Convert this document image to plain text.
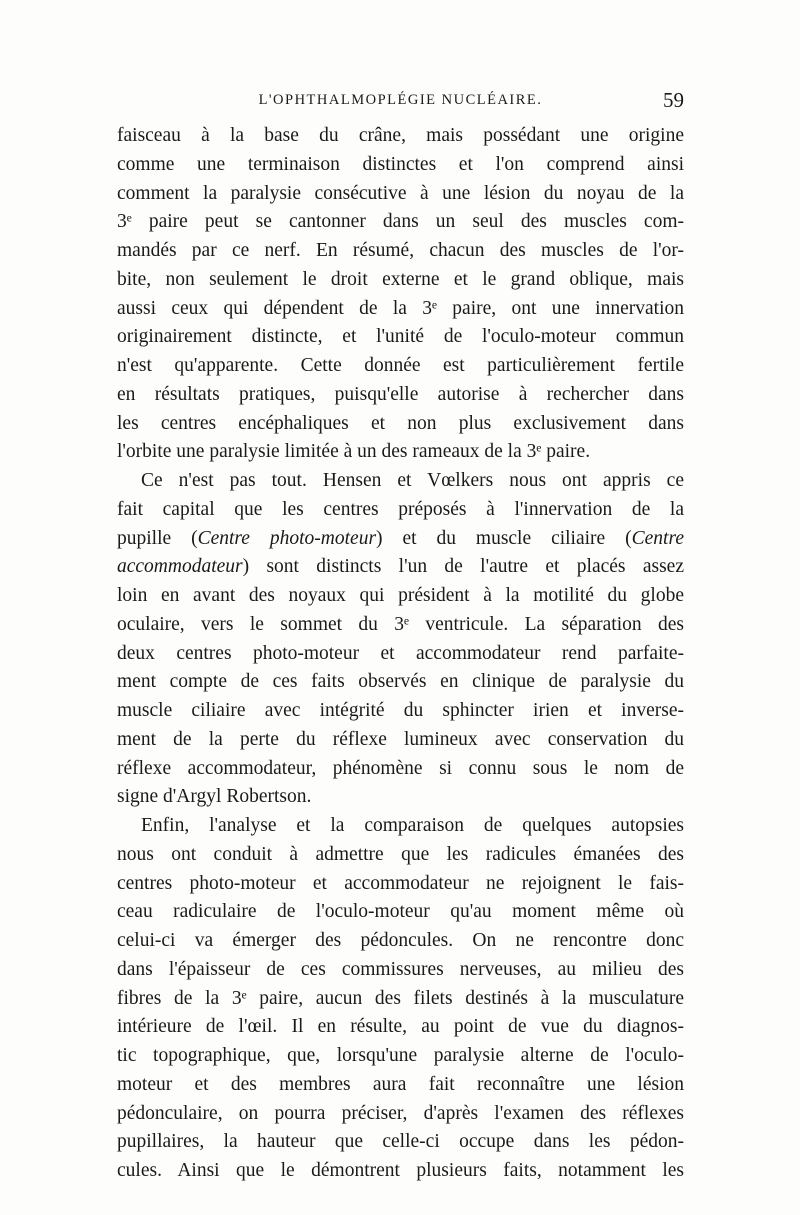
L'OPHTHALMOPLÉGIE NUCLÉAIRE.	59
faisceau à la base du crâne, mais possédant une origine
comme une terminaison distinctes et l'on comprend ainsi
comment la paralysie consécutive à une lésion du noyau de la
3ᵉ paire peut se cantonner dans un seul des muscles com-
mandés par ce nerf. En résumé, chacun des muscles de l'or-
bite, non seulement le droit externe et le grand oblique, mais
aussi ceux qui dépendent de la 3ᵉ paire, ont une innervation
originairement distincte, et l'unité de l'oculo-moteur commun
n'est qu'apparente. Cette donnée est particulièrement fertile
en résultats pratiques, puisqu'elle autorise à rechercher dans
les centres encéphaliques et non plus exclusivement dans
l'orbite une paralysie limitée à un des rameaux de la 3ᵉ paire.
Ce n'est pas tout. Hensen et Vœlkers nous ont appris ce
fait capital que les centres préposés à l'innervation de la
pupille (Centre photo-moteur) et du muscle ciliaire (Centre
accommodateur) sont distincts l'un de l'autre et placés assez
loin en avant des noyaux qui président à la motilité du globe
oculaire, vers le sommet du 3ᵉ ventricule. La séparation des
deux centres photo-moteur et accommodateur rend parfaite-
ment compte de ces faits observés en clinique de paralysie du
muscle ciliaire avec intégrité du sphincter irien et inverse-
ment de la perte du réflexe lumineux avec conservation du
réflexe accommodateur, phénomène si connu sous le nom de
signe d'Argyl Robertson.
Enfin, l'analyse et la comparaison de quelques autopsies
nous ont conduit à admettre que les radicules émanées des
centres photo-moteur et accommodateur ne rejoignent le fais-
ceau radiculaire de l'oculo-moteur qu'au moment même où
celui-ci va émerger des pédoncules. On ne rencontre donc
dans l'épaisseur de ces commissures nerveuses, au milieu des
fibres de la 3ᵉ paire, aucun des filets destinés à la musculature
intérieure de l'œil. Il en résulte, au point de vue du diagnos-
tic topographique, que, lorsqu'une paralysie alterne de l'oculo-
moteur et des membres aura fait reconnaître une lésion
pédonculaire, on pourra préciser, d'après l'examen des réflexes
pupillaires, la hauteur que celle-ci occupe dans les pédon-
cules. Ainsi que le démontrent plusieurs faits, notamment les
